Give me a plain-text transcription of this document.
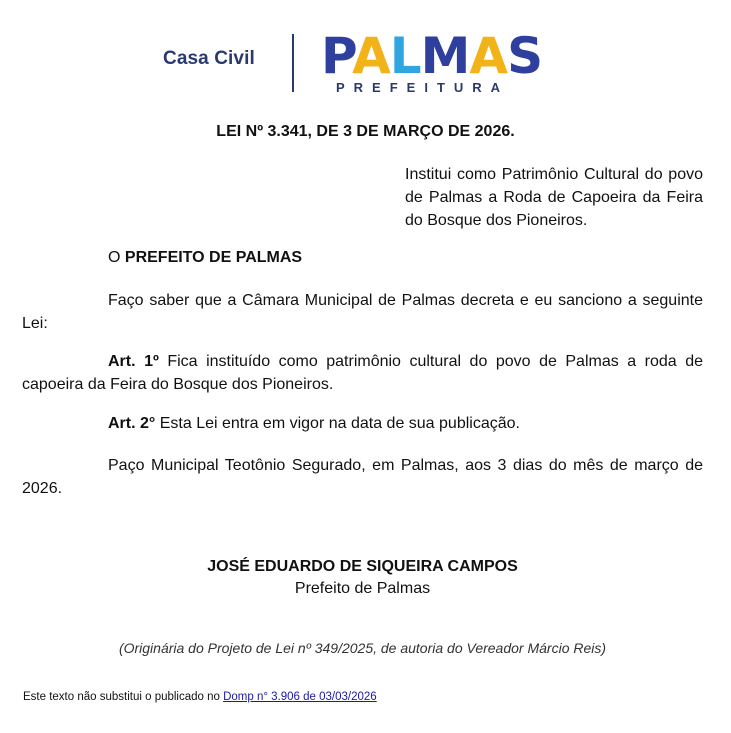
Casa Civil PALMAS
PREFEITURA
LEI Nº 3.341, DE 3 DE MARÇO DE 2026.
Institui como Patrimônio Cultural do povo de Palmas a Roda de Capoeira da Feira do Bosque dos Pioneiros.
O PREFEITO DE PALMAS
Faço saber que a Câmara Municipal de Palmas decreta e eu sanciono a seguinte Lei:
Art. 1º Fica instituído como patrimônio cultural do povo de Palmas a roda de capoeira da Feira do Bosque dos Pioneiros.
Art. 2° Esta Lei entra em vigor na data de sua publicação.
Paço Municipal Teotônio Segurado, em Palmas, aos 3 dias do mês de março de 2026.
JOSÉ EDUARDO DE SIQUEIRA CAMPOS
Prefeito de Palmas
(Originária do Projeto de Lei nº 349/2025, de autoria do Vereador Márcio Reis)
Este texto não substitui o publicado no Domp n° 3.906 de 03/03/2026
